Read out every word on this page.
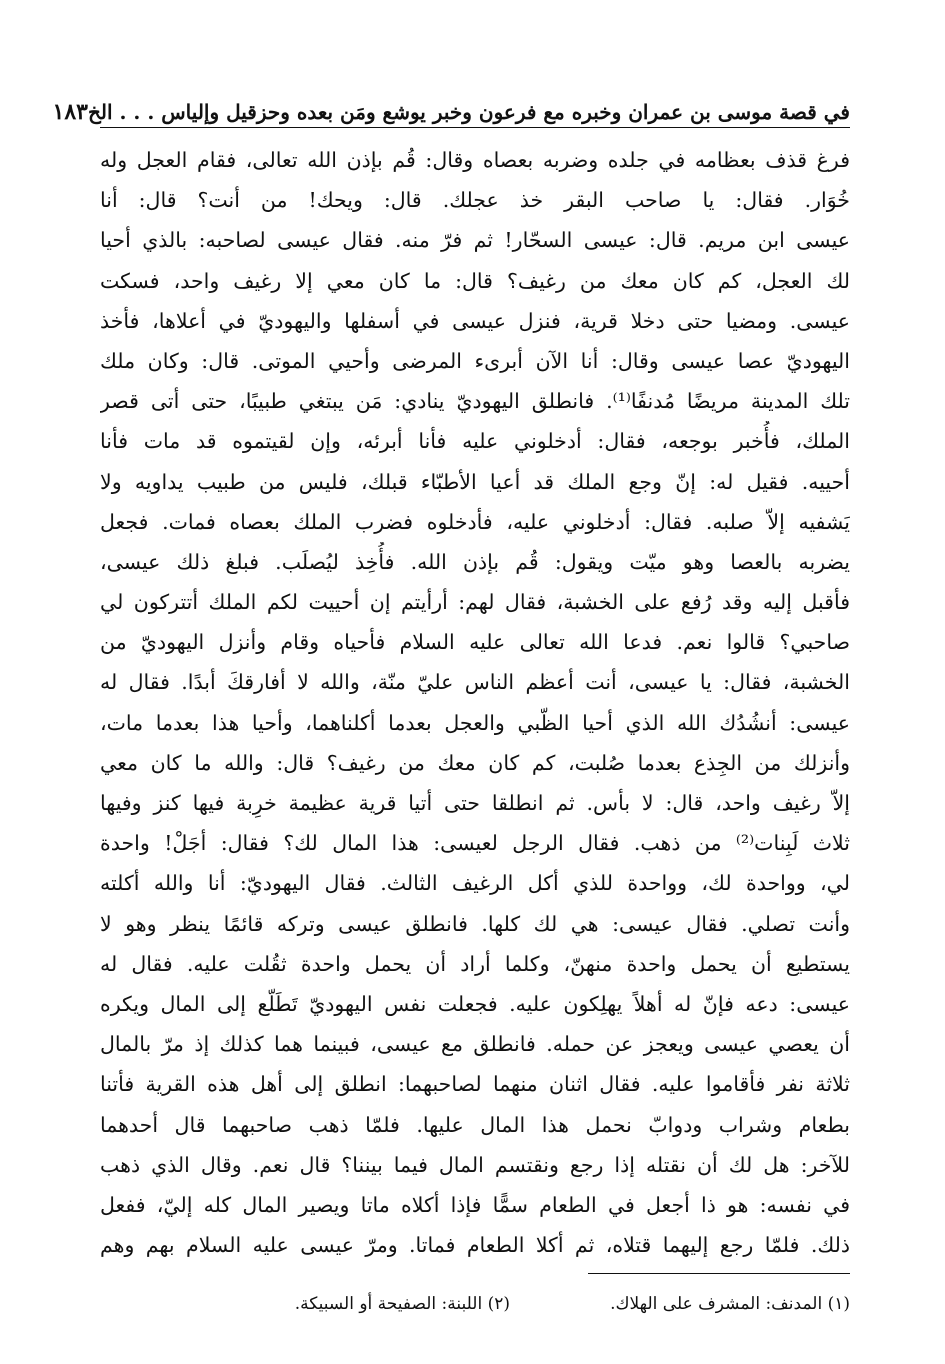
في قصة موسى بن عمران وخبره مع فرعون وخبر يوشع ومَن بعده وحزقيل وإلياس . . . الخ
١٨٣
فرغ قذف بعظامه في جلده وضربه بعصاه وقال: قُم بإذن الله تعالى، فقام العجل وله
خُوَار. فقال: يا صاحب البقر خذ عجلك. قال: ويحك! من أنت؟ قال: أنا
عيسى ابن مريم. قال: عيسى السحّار! ثم فرّ منه. فقال عيسى لصاحبه: بالذي أحيا
لك العجل، كم كان معك من رغيف؟ قال: ما كان معي إلا رغيف واحد، فسكت
عيسى. ومضيا حتى دخلا قرية، فنزل عيسى في أسفلها واليهوديّ في أعلاها، فأخذ
اليهوديّ عصا عيسى وقال: أنا الآن أبرىء المرضى وأحيي الموتى. قال: وكان ملك
تلك المدينة مريضًا مُدنفًا⁽¹⁾. فانطلق اليهوديّ ينادي: مَن يبتغي طبيبًا، حتى أتى قصر
الملك، فأُخبر بوجعه، فقال: أدخلوني عليه فأنا أبرئه، وإن لقيتموه قد مات فأنا
أحييه. فقيل له: إنّ وجع الملك قد أعيا الأطبّاء قبلك، فليس من طبيب يداويه ولا
يَشفيه إلاّ صلبه. فقال: أدخلوني عليه، فأدخلوه فضرب الملك بعصاه فمات. فجعل
يضربه بالعصا وهو ميّت ويقول: قُم بإذن الله. فأُخِذ ليُصلَب. فبلغ ذلك عيسى،
فأقبل إليه وقد رُفع على الخشبة، فقال لهم: أرأيتم إن أحييت لكم الملك أتتركون لي
صاحبي؟ قالوا نعم. فدعا الله تعالى عليه السلام فأحياه وقام وأنزل اليهوديّ من
الخشبة، فقال: يا عيسى، أنت أعظم الناس عليّ منّة، والله لا أفارقكَ أبدًا. فقال له
عيسى: أنشُدُك الله الذي أحيا الظّبي والعجل بعدما أكلناهما، وأحيا هذا بعدما مات،
وأنزلك من الجِذع بعدما صُلبت، كم كان معك من رغيف؟ قال: والله ما كان معي
إلاّ رغيف واحد، قال: لا بأس. ثم انطلقا حتى أتيا قرية عظيمة خرِبة فيها كنز وفيها
ثلاث لَبِنات⁽²⁾ من ذهب. فقال الرجل لعيسى: هذا المال لك؟ فقال: أجَلْ! واحدة
لي، وواحدة لك، وواحدة للذي أكل الرغيف الثالث. فقال اليهوديّ: أنا والله أكلته
وأنت تصلي. فقال عيسى: هي لك كلها. فانطلق عيسى وتركه قائمًا ينظر وهو لا
يستطيع أن يحمل واحدة منهنّ، وكلما أراد أن يحمل واحدة ثقُلت عليه. فقال له
عيسى: دعه فإنّ له أهلاً يهلِكون عليه. فجعلت نفس اليهوديّ تَطَلّع إلى المال ويكره
أن يعصي عيسى ويعجز عن حمله. فانطلق مع عيسى، فبينما هما كذلك إذ مرّ بالمال
ثلاثة نفر فأقاموا عليه. فقال اثنان منهما لصاحبهما: انطلق إلى أهل هذه القرية فأتنا
بطعام وشراب ودوابّ نحمل هذا المال عليها. فلمّا ذهب صاحبهما قال أحدهما
للآخر: هل لك أن نقتله إذا رجع ونقتسم المال فيما بيننا؟ قال نعم. وقال الذي ذهب
في نفسه: هو ذا أجعل في الطعام سمًّا فإذا أكلاه ماتا ويصير المال كله إليّ، ففعل
ذلك. فلمّا رجع إليهما قتلاه، ثم أكلا الطعام فماتا. ومرّ عيسى عليه السلام بهم وهم
(١) المدنف: المشرف على الهلاك.
(٢) اللبنة: الصفيحة أو السبيكة.
